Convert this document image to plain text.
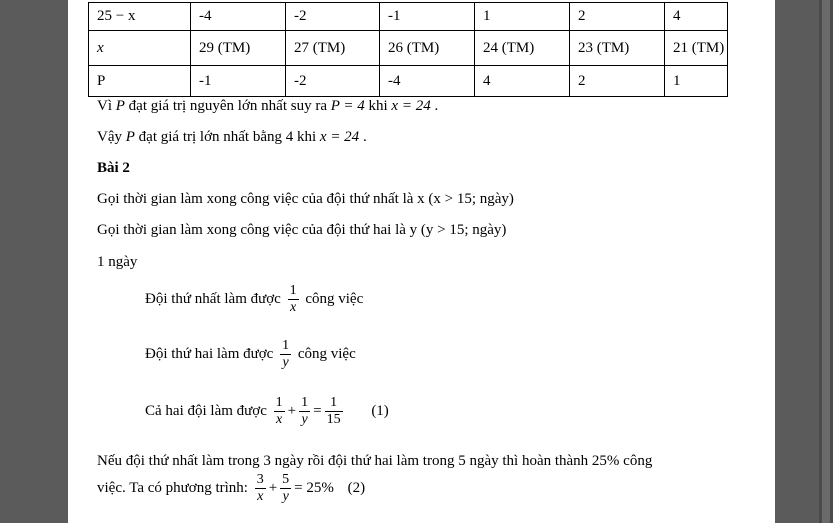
25 − x	-4	-2	-1	1	2	4
x	29 (TM)	27 (TM)	26 (TM)	24 (TM)	23 (TM)	21 (TM)
P	-1	-2	-4	4	2	1
Vì P đạt giá trị nguyên lớn nhất suy ra P = 4 khi x = 24 .
Vậy P đạt giá trị lớn nhất bằng 4 khi x = 24 .
Bài 2
Gọi thời gian làm xong công việc của đội thứ nhất là x (x > 15; ngày)
Gọi thời gian làm xong công việc của đội thứ hai là y (y > 15; ngày)
1 ngày
Đội thứ nhất làm được $\frac{1}{x}$ công việc
Đội thứ hai làm được $\frac{1}{y}$ công việc
Cả hai đội làm được $\frac{1}{x} + \frac{1}{y} = \frac{1}{15} (1)$
Nếu đội thứ nhất làm trong 3 ngày rồi đội thứ hai làm trong 5 ngày thì hoàn thành 25% công
việc. Ta có phương trình: $\frac{3}{x} + \frac{5}{y} = 25\%$ (2)
